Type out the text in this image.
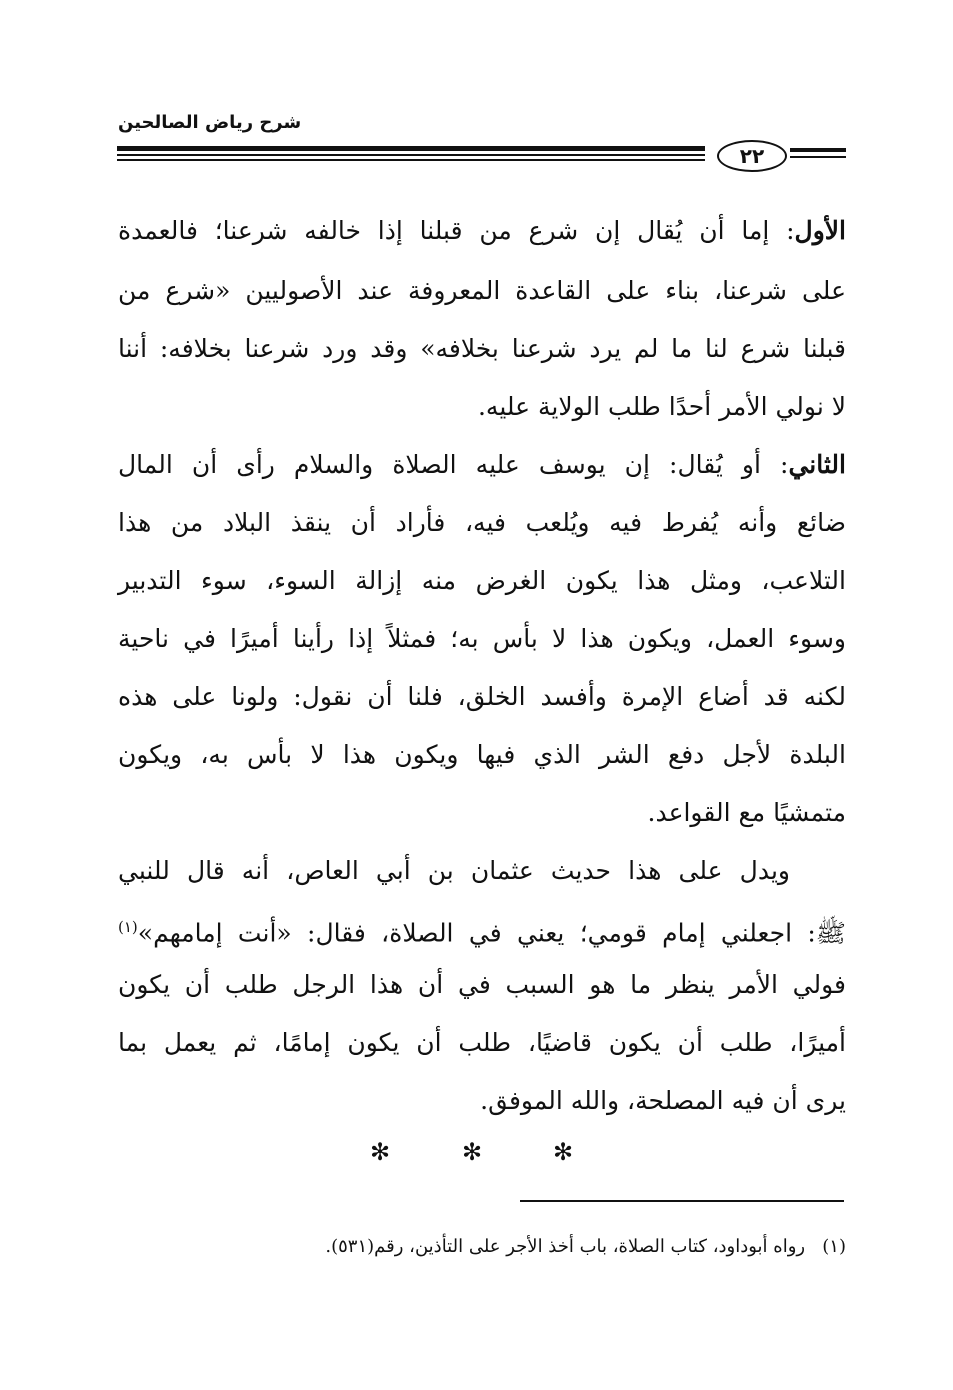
شرح رياض الصالحين
٢٢
الأول: إما أن يُقال إن شرع من قبلنا إذا خالفه شرعنا؛ فالعمدة
على شرعنا، بناء على القاعدة المعروفة عند الأصوليين «شرع من
قبلنا شرع لنا ما لم يرد شرعنا بخلافه» وقد ورد شرعنا بخلافه: أننا
لا نولي الأمر أحدًا طلب الولاية عليه.
الثاني: أو يُقال: إن يوسف عليه الصلاة والسلام رأى أن المال
ضائع وأنه يُفرط فيه ويُلعب فيه، فأراد أن ينقذ البلاد من هذا
التلاعب، ومثل هذا يكون الغرض منه إزالة السوء، سوء التدبير
وسوء العمل، ويكون هذا لا بأس به؛ فمثلاً إذا رأينا أميرًا في ناحية
لكنه قد أضاع الإمرة وأفسد الخلق، فلنا أن نقول: ولونا على هذه
البلدة لأجل دفع الشر الذي فيها ويكون هذا لا بأس به، ويكون
متمشيًا مع القواعد.
ويدل على هذا حديث عثمان بن أبي العاص، أنه قال للنبي
ﷺ: اجعلني إمام قومي؛ يعني في الصلاة، فقال: «أنت إمامهم»$^{(١)}$
فولي الأمر ينظر ما هو السبب في أن هذا الرجل طلب أن يكون
أميرًا، طلب أن يكون قاضيًا، طلب أن يكون إمامًا، ثم يعمل بما
يرى أن فيه المصلحة، والله الموفق.
✻	✻	✻
(١)   رواه أبوداود، كتاب الصلاة، باب أخذ الأجر على التأذين، رقم(٥٣١).
